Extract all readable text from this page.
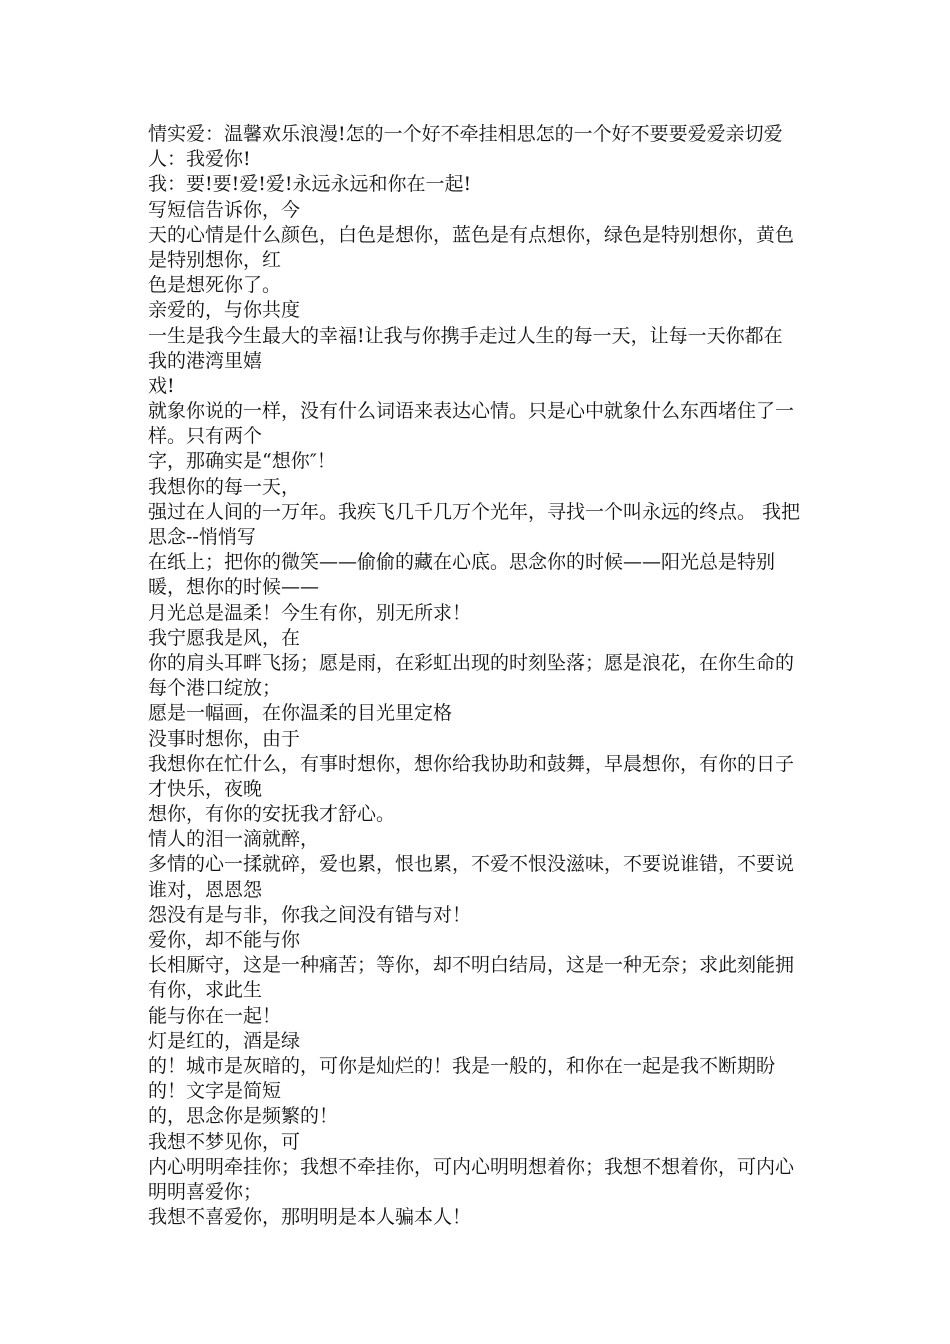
情实爱：温馨欢乐浪漫!怎的一个好不牵挂相思怎的一个好不要要爱爱亲切爱
人：我爱你!
我：要!要!爱!爱!永远永远和你在一起!
写短信告诉你，今
天的心情是什么颜色，白色是想你，蓝色是有点想你，绿色是特别想你，黄色
是特别想你，红
色是想死你了。
亲爱的，与你共度
一生是我今生最大的幸福!让我与你携手走过人生的每一天，让每一天你都在
我的港湾里嬉
戏!
就象你说的一样，没有什么词语来表达心情。只是心中就象什么东西堵住了一
样。只有两个
字，那确实是“想你″！
我想你的每一天，
强过在人间的一万年。我疾飞几千几万个光年，寻找一个叫永远的终点。 我把
思念--悄悄写
在纸上；把你的微笑——偷偷的藏在心底。思念你的时候——阳光总是特别
暖，想你的时候——
月光总是温柔！今生有你，别无所求！
我宁愿我是风，在
你的肩头耳畔飞扬；愿是雨，在彩虹出现的时刻坠落；愿是浪花，在你生命的
每个港口绽放；
愿是一幅画，在你温柔的目光里定格
没事时想你，由于
我想你在忙什么，有事时想你，想你给我协助和鼓舞，早晨想你，有你的日子
才快乐，夜晚
想你，有你的安抚我才舒心。
情人的泪一滴就醉，
多情的心一揉就碎，爱也累，恨也累，不爱不恨没滋味，不要说谁错，不要说
谁对，恩恩怨
怨没有是与非，你我之间没有错与对！
爱你，却不能与你
长相厮守，这是一种痛苦；等你，却不明白结局，这是一种无奈；求此刻能拥
有你，求此生
能与你在一起！
灯是红的，酒是绿
的！城市是灰暗的，可你是灿烂的！我是一般的，和你在一起是我不断期盼
的！文字是简短
的，思念你是频繁的！
我想不梦见你，可
内心明明牵挂你；我想不牵挂你，可内心明明想着你；我想不想着你，可内心
明明喜爱你；
我想不喜爱你，那明明是本人骗本人！
